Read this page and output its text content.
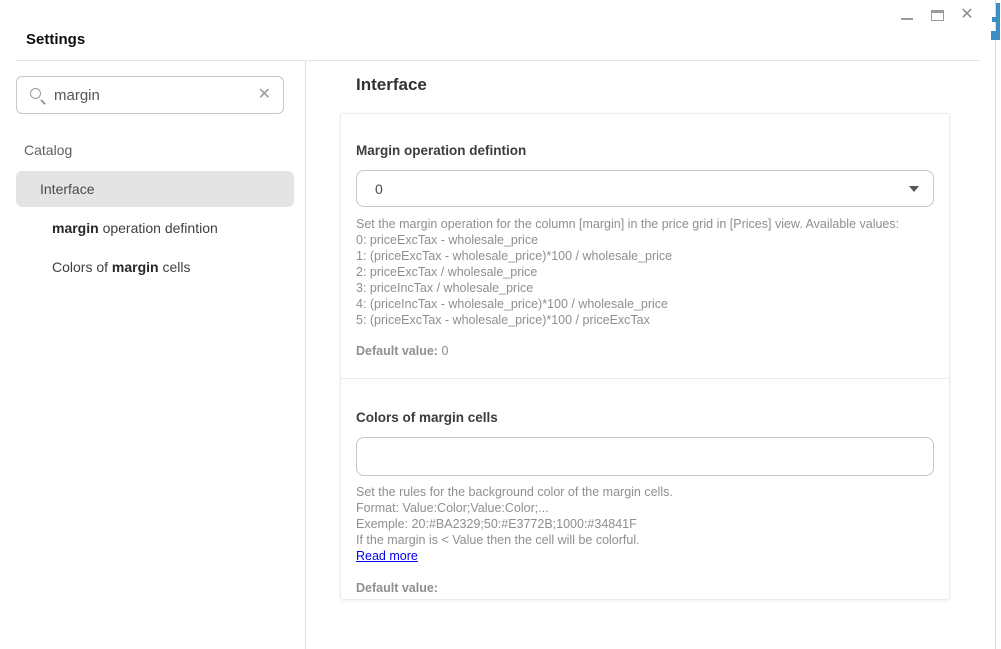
Settings
✕
margin
✕
Catalog
Interface
margin operation defintion
Colors of margin cells
Interface
Margin operation defintion
0
Set the margin operation for the column [margin] in the price grid in [Prices] view. Available values:
0: priceExcTax - wholesale_price
1: (priceExcTax - wholesale_price)*100 / wholesale_price
2: priceExcTax / wholesale_price
3: priceIncTax / wholesale_price
4: (priceIncTax - wholesale_price)*100 / wholesale_price
5: (priceExcTax - wholesale_price)*100 / priceExcTax
Default value: 0
Colors of margin cells
Set the rules for the background color of the margin cells.
Format: Value:Color;Value:Color;...
Exemple: 20:#BA2329;50:#E3772B;1000:#34841F
If the margin is < Value then the cell will be colorful.
Read more
Default value:
